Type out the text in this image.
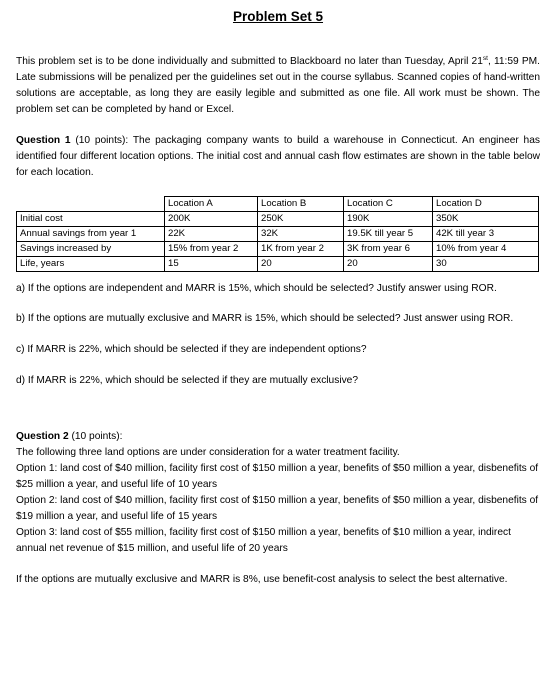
Problem Set 5

This problem set is to be done individually and submitted to Blackboard no later than Tuesday, April 21st, 11:59 PM. Late submissions will be penalized per the guidelines set out in the course syllabus. Scanned copies of hand-written solutions are acceptable, as long they are easily legible and submitted as one file. All work must be shown. The problem set can be completed by hand or Excel.

Question 1 (10 points): The packaging company wants to build a warehouse in Connecticut. An engineer has identified four different location options. The initial cost and annual cash flow estimates are shown in the table below for each location.

	Location A	Location B	Location C	Location D
Initial cost	200K	250K	190K	350K
Annual savings from year 1	22K	32K	19.5K till year 5	42K till year 3
Savings increased by	15% from year 2	1K from year 2	3K from year 6	10% from year 4
Life, years	15	20	20	30

a) If the options are independent and MARR is 15%, which should be selected? Justify answer using ROR.

b) If the options are mutually exclusive and MARR is 15%, which should be selected? Just answer using ROR.

c) If MARR is 22%, which should be selected if they are independent options?

d) If MARR is 22%, which should be selected if they are mutually exclusive?

Question 2 (10 points):

The following three land options are under consideration for a water treatment facility.

Option 1: land cost of $40 million, facility first cost of $150 million a year, benefits of $50 million a year, disbenefits of $25 million a year, and useful life of 10 years

Option 2: land cost of $40 million, facility first cost of $150 million a year, benefits of $50 million a year, disbenefits of $19 million a year, and useful life of 15 years

Option 3: land cost of $55 million, facility first cost of $150 million a year, benefits of $10 million a year, indirect annual net revenue of $15 million, and useful life of 20 years

If the options are mutually exclusive and MARR is 8%, use benefit-cost analysis to select the best alternative.
